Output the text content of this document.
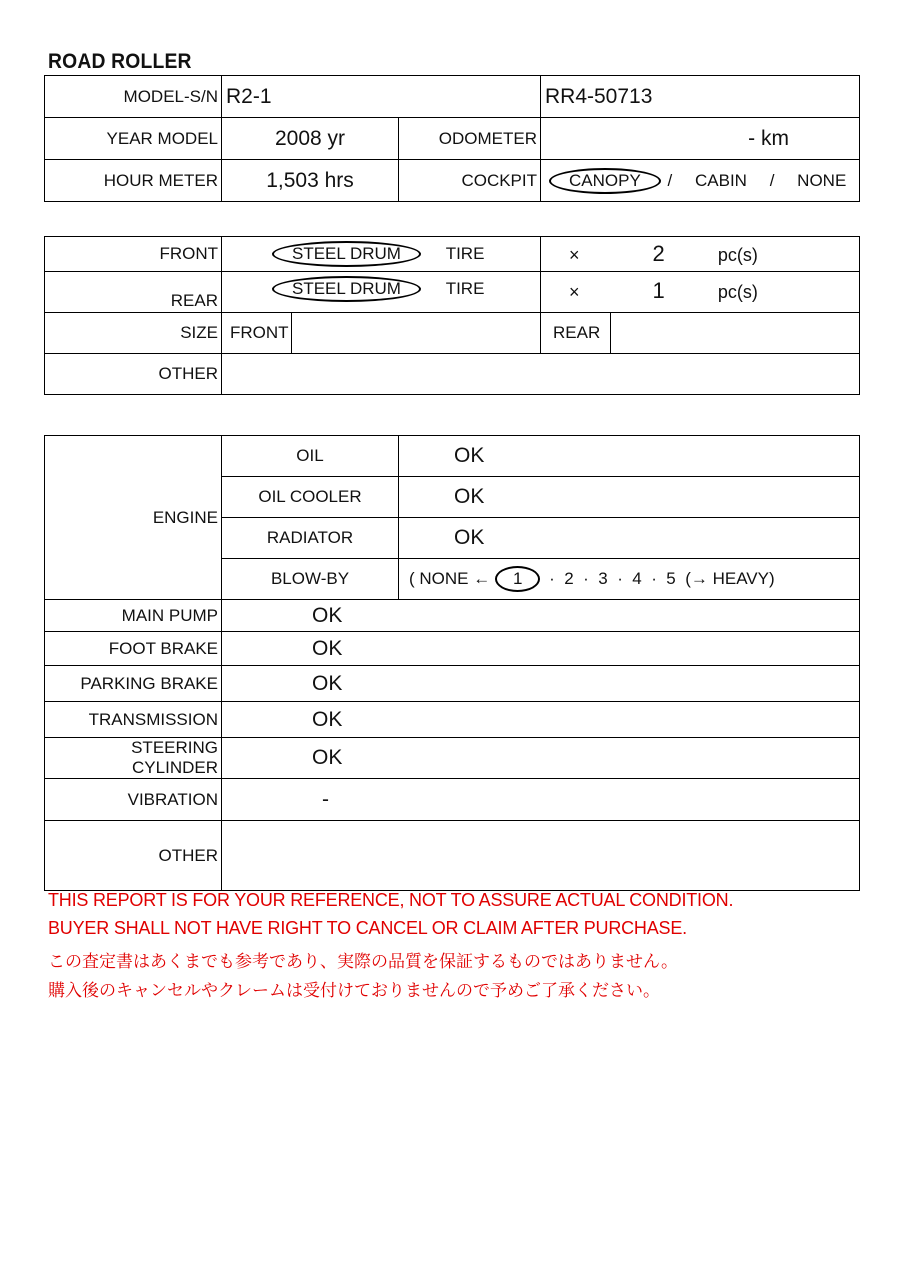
ROAD ROLLER
MODEL-S/N	R2-1		RR4-50713
YEAR MODEL	2008 yr	ODOMETER	- km
HOUR METER	1,503 hrs	COCKPIT	CANOPY / CABIN / NONE
FRONT	STEEL DRUM TIRE		× 2 pc(s)	
REAR	STEEL DRUM TIRE		× 1 pc(s)	
SIZE	FRONT		REAR	
OTHER				
ENGINE	OIL	OK
	OIL COOLER	OK
	RADIATOR	OK
	BLOW-BY	( NONE ← 1 ·  2  ·  3  ·  4  ·  5  (→ HEAVY)
MAIN PUMP	OK	
FOOT BRAKE	OK	
PARKING BRAKE	OK	
TRANSMISSION	OK	
STEERING CYLINDER	OK	
VIBRATION	-	
OTHER		
THIS REPORT IS FOR YOUR REFERENCE, NOT TO ASSURE ACTUAL CONDITION.
BUYER SHALL NOT HAVE RIGHT TO CANCEL OR CLAIM AFTER PURCHASE.
この査定書はあくまでも参考であり、実際の品質を保証するものではありません。
購入後のキャンセルやクレームは受付けておりませんので予めご了承ください。
